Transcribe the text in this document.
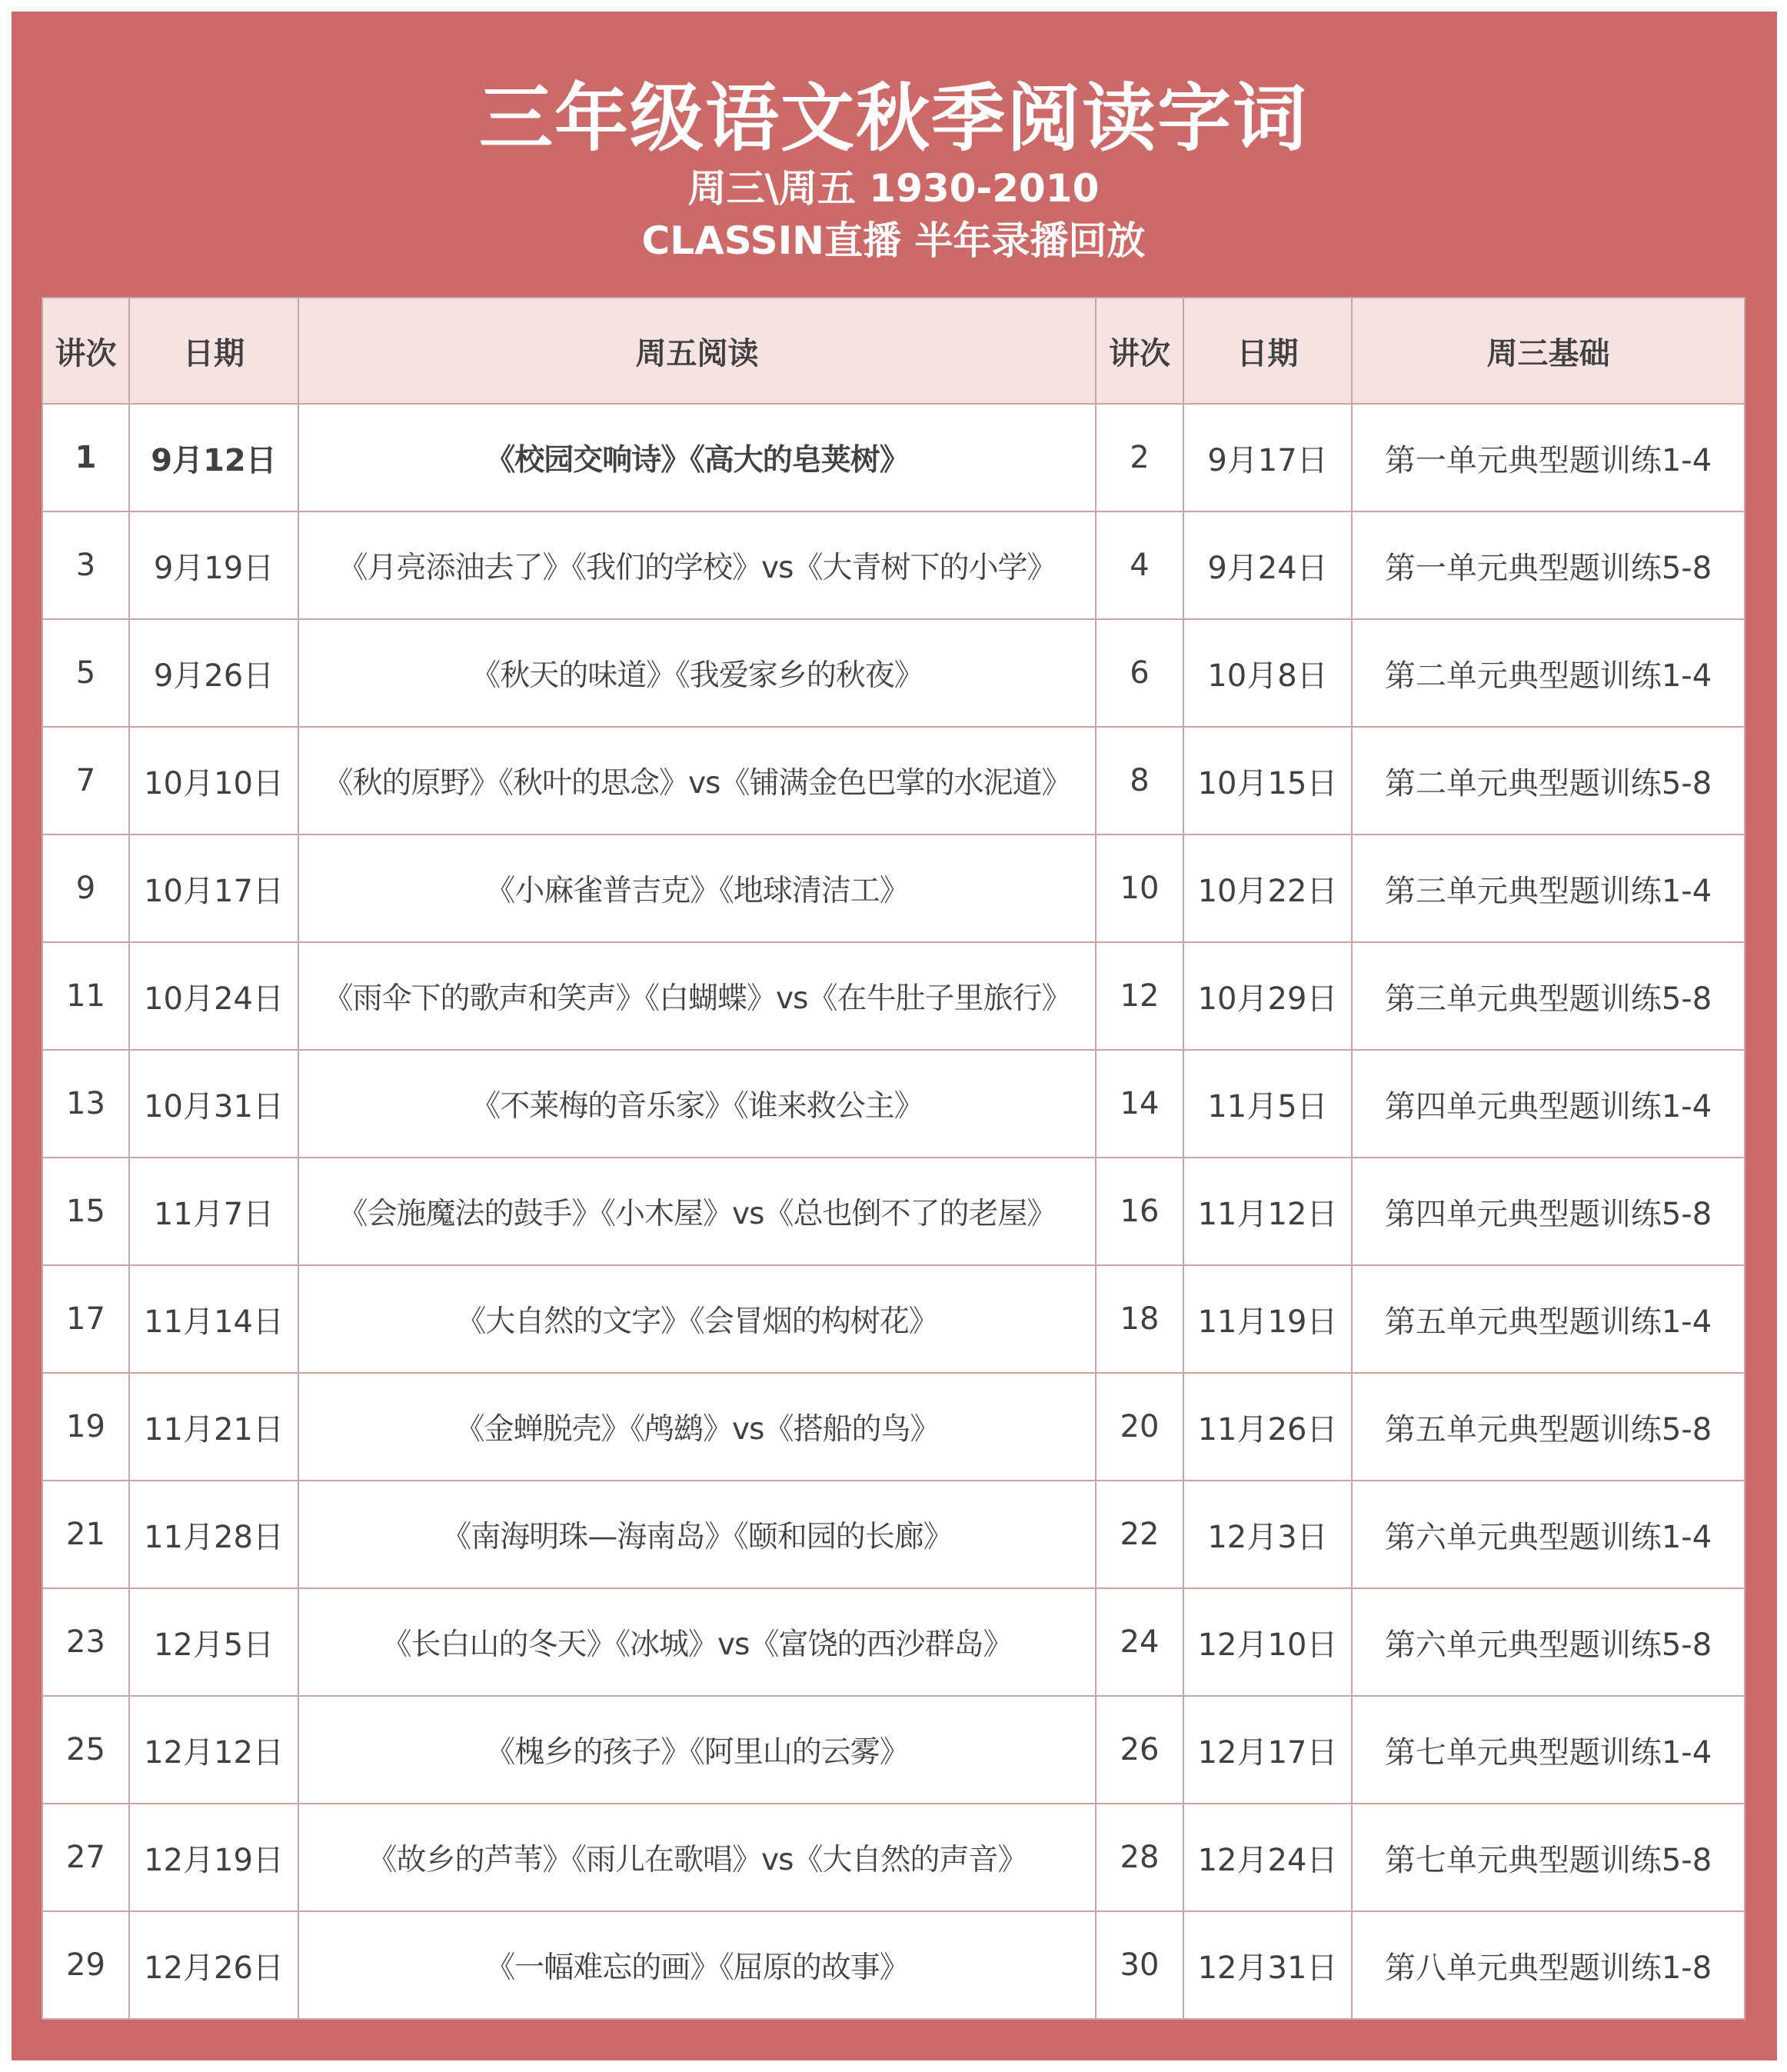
三年级语文秋季阅读字词
周三\周五 1930-2010
CLASSIN直播 半年录播回放
讲次	日期	周五阅读	讲次	日期	周三基础
1	9月12日	《校园交响诗》《高大的皂荚树》	2	9月17日	第一单元典型题训练1-4
3	9月19日	《月亮添油去了》《我们的学校》vs《大青树下的小学》	4	9月24日	第一单元典型题训练5-8
5	9月26日	《秋天的味道》《我爱家乡的秋夜》	6	10月8日	第二单元典型题训练1-4
7	10月10日	《秋的原野》《秋叶的思念》vs《铺满金色巴掌的水泥道》	8	10月15日	第二单元典型题训练5-8
9	10月17日	《小麻雀普吉克》《地球清洁工》	10	10月22日	第三单元典型题训练1-4
11	10月24日	《雨伞下的歌声和笑声》《白蝴蝶》vs《在牛肚子里旅行》	12	10月29日	第三单元典型题训练5-8
13	10月31日	《不莱梅的音乐家》《谁来救公主》	14	11月5日	第四单元典型题训练1-4
15	11月7日	《会施魔法的鼓手》《小木屋》vs《总也倒不了的老屋》	16	11月12日	第四单元典型题训练5-8
17	11月14日	《大自然的文字》《会冒烟的构树花》	18	11月19日	第五单元典型题训练1-4
19	11月21日	《金蝉脱壳》《鸬鹚》vs《搭船的鸟》	20	11月26日	第五单元典型题训练5-8
21	11月28日	《南海明珠—海南岛》《颐和园的长廊》	22	12月3日	第六单元典型题训练1-4
23	12月5日	《长白山的冬天》《冰城》vs《富饶的西沙群岛》	24	12月10日	第六单元典型题训练5-8
25	12月12日	《槐乡的孩子》《阿里山的云雾》	26	12月17日	第七单元典型题训练1-4
27	12月19日	《故乡的芦苇》《雨儿在歌唱》vs《大自然的声音》	28	12月24日	第七单元典型题训练5-8
29	12月26日	《一幅难忘的画》《屈原的故事》	30	12月31日	第八单元典型题训练1-8
